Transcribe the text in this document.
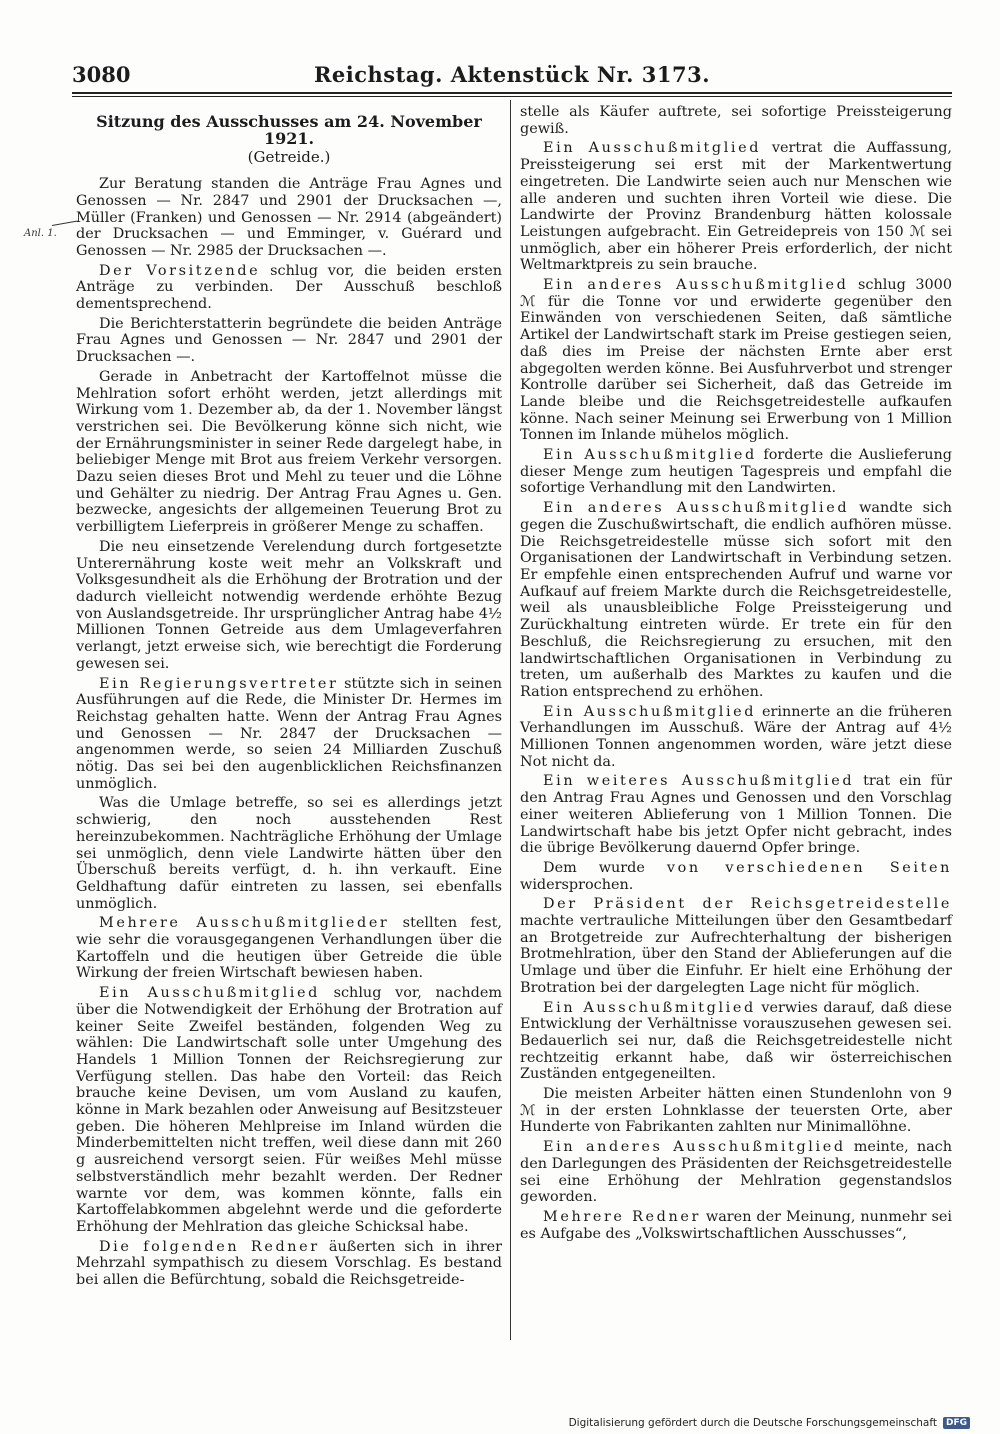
3080	Reichstag. Aktenstück Nr. 3173.
Anl. 1.
Sitzung des Ausschusses am 24. November 1921.
(Getreide.)

Zur Beratung standen die Anträge Frau Agnes und Genossen — Nr. 2847 und 2901 der Drucksachen —, Müller (Franken) und Genossen — Nr. 2914 (abgeändert) der Drucksachen — und Emminger, v. Guérard und Genossen — Nr. 2985 der Drucksachen —.

Der Vorsitzende schlug vor, die beiden ersten Anträge zu verbinden. Der Ausschuß beschloß dementsprechend.

Die Berichterstatterin begründete die beiden Anträge Frau Agnes und Genossen — Nr. 2847 und 2901 der Drucksachen —.

Gerade in Anbetracht der Kartoffelnot müsse die Mehlration sofort erhöht werden, jetzt allerdings mit Wirkung vom 1. Dezember ab, da der 1. November längst verstrichen sei. Die Bevölkerung könne sich nicht, wie der Ernährungsminister in seiner Rede dargelegt habe, in beliebiger Menge mit Brot aus freiem Verkehr versorgen. Dazu seien dieses Brot und Mehl zu teuer und die Löhne und Gehälter zu niedrig. Der Antrag Frau Agnes u. Gen. bezwecke, angesichts der allgemeinen Teuerung Brot zu verbilligtem Lieferpreis in größerer Menge zu schaffen.

Die neu einsetzende Verelendung durch fortgesetzte Unterernährung koste weit mehr an Volkskraft und Volksgesundheit als die Erhöhung der Brotration und der dadurch vielleicht notwendig werdende erhöhte Bezug von Auslandsgetreide. Ihr ursprünglicher Antrag habe 4½ Millionen Tonnen Getreide aus dem Umlageverfahren verlangt, jetzt erweise sich, wie berechtigt die Forderung gewesen sei.

Ein Regierungsvertreter stützte sich in seinen Ausführungen auf die Rede, die Minister Dr. Hermes im Reichstag gehalten hatte. Wenn der Antrag Frau Agnes und Genossen — Nr. 2847 der Drucksachen — angenommen werde, so seien 24 Milliarden Zuschuß nötig. Das sei bei den augenblicklichen Reichsfinanzen unmöglich.

Was die Umlage betreffe, so sei es allerdings jetzt schwierig, den noch ausstehenden Rest hereinzubekommen. Nachträgliche Erhöhung der Umlage sei unmöglich, denn viele Landwirte hätten über den Überschuß bereits verfügt, d. h. ihn verkauft. Eine Geldhaftung dafür eintreten zu lassen, sei ebenfalls unmöglich.

Mehrere Ausschußmitglieder stellten fest, wie sehr die vorausgegangenen Verhandlungen über die Kartoffeln und die heutigen über Getreide die üble Wirkung der freien Wirtschaft bewiesen haben.

Ein Ausschußmitglied schlug vor, nachdem über die Notwendigkeit der Erhöhung der Brotration auf keiner Seite Zweifel beständen, folgenden Weg zu wählen: Die Landwirtschaft solle unter Umgehung des Handels 1 Million Tonnen der Reichsregierung zur Verfügung stellen. Das habe den Vorteil: das Reich brauche keine Devisen, um vom Ausland zu kaufen, könne in Mark bezahlen oder Anweisung auf Besitzsteuer geben. Die höheren Mehlpreise im Inland würden die Minderbemittelten nicht treffen, weil diese dann mit 260 g ausreichend versorgt seien. Für weißes Mehl müsse selbstverständlich mehr bezahlt werden. Der Redner warnte vor dem, was kommen könnte, falls ein Kartoffelabkommen abgelehnt werde und die geforderte Erhöhung der Mehlration das gleiche Schicksal habe.

Die folgenden Redner äußerten sich in ihrer Mehrzahl sympathisch zu diesem Vorschlag. Es bestand bei allen die Befürchtung, sobald die Reichsgetreide-

stelle als Käufer auftrete, sei sofortige Preissteigerung gewiß.

Ein Ausschußmitglied vertrat die Auffassung, Preissteigerung sei erst mit der Markentwertung eingetreten. Die Landwirte seien auch nur Menschen wie alle anderen und suchten ihren Vorteil wie diese. Die Landwirte der Provinz Brandenburg hätten kolossale Leistungen aufgebracht. Ein Getreidepreis von 150 ℳ sei unmöglich, aber ein höherer Preis erforderlich, der nicht Weltmarktpreis zu sein brauche.

Ein anderes Ausschußmitglied schlug 3000 ℳ für die Tonne vor und erwiderte gegenüber den Einwänden von verschiedenen Seiten, daß sämtliche Artikel der Landwirtschaft stark im Preise gestiegen seien, daß dies im Preise der nächsten Ernte aber erst abgegolten werden könne. Bei Ausfuhrverbot und strenger Kontrolle darüber sei Sicherheit, daß das Getreide im Lande bleibe und die Reichsgetreidestelle aufkaufen könne. Nach seiner Meinung sei Erwerbung von 1 Million Tonnen im Inlande mühelos möglich.

Ein Ausschußmitglied forderte die Auslieferung dieser Menge zum heutigen Tagespreis und empfahl die sofortige Verhandlung mit den Landwirten.

Ein anderes Ausschußmitglied wandte sich gegen die Zuschußwirtschaft, die endlich aufhören müsse. Die Reichsgetreidestelle müsse sich sofort mit den Organisationen der Landwirtschaft in Verbindung setzen. Er empfehle einen entsprechenden Aufruf und warne vor Aufkauf auf freiem Markte durch die Reichsgetreidestelle, weil als unausbleibliche Folge Preissteigerung und Zurückhaltung eintreten würde. Er trete ein für den Beschluß, die Reichsregierung zu ersuchen, mit den landwirtschaftlichen Organisationen in Verbindung zu treten, um außerhalb des Marktes zu kaufen und die Ration entsprechend zu erhöhen.

Ein Ausschußmitglied erinnerte an die früheren Verhandlungen im Ausschuß. Wäre der Antrag auf 4½ Millionen Tonnen angenommen worden, wäre jetzt diese Not nicht da.

Ein weiteres Ausschußmitglied trat ein für den Antrag Frau Agnes und Genossen und den Vorschlag einer weiteren Ablieferung von 1 Million Tonnen. Die Landwirtschaft habe bis jetzt Opfer nicht gebracht, indes die übrige Bevölkerung dauernd Opfer bringe.

Dem wurde von verschiedenen Seiten widersprochen.

Der Präsident der Reichsgetreidestelle machte vertrauliche Mitteilungen über den Gesamtbedarf an Brotgetreide zur Aufrechterhaltung der bisherigen Brotmehlration, über den Stand der Ablieferungen auf die Umlage und über die Einfuhr. Er hielt eine Erhöhung der Brotration bei der dargelegten Lage nicht für möglich.

Ein Ausschußmitglied verwies darauf, daß diese Entwicklung der Verhältnisse vorauszusehen gewesen sei. Bedauerlich sei nur, daß die Reichsgetreidestelle nicht rechtzeitig erkannt habe, daß wir österreichischen Zuständen entgegeneilten.

Die meisten Arbeiter hätten einen Stundenlohn von 9 ℳ in der ersten Lohnklasse der teuersten Orte, aber Hunderte von Fabrikanten zahlten nur Minimallöhne.

Ein anderes Ausschußmitglied meinte, nach den Darlegungen des Präsidenten der Reichsgetreidestelle sei eine Erhöhung der Mehlration gegenstandslos geworden.

Mehrere Redner waren der Meinung, nunmehr sei es Aufgabe des „Volkswirtschaftlichen Ausschusses“,

Digitalisierung gefördert durch die Deutsche Forschungsgemeinschaft	DFG
